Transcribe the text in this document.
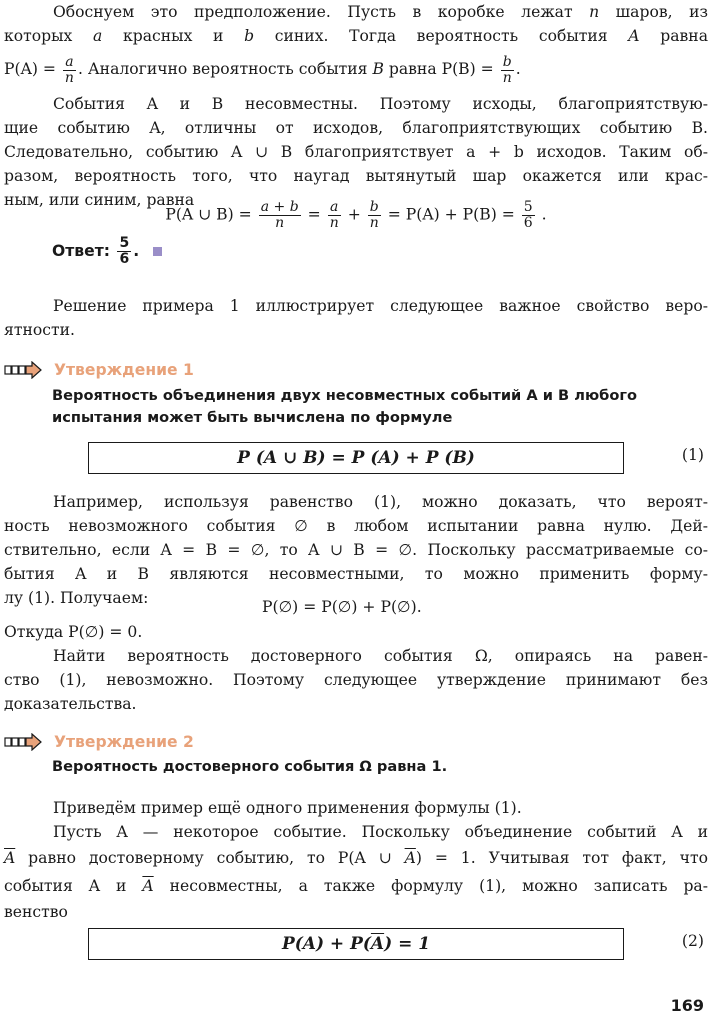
Обоснуем это предположение. Пусть в коробке лежат n шаров, из
которых a красных и b синих. Тогда вероятность события A равна
$P(A) = \frac{a}{n}$ . Аналогично вероятность события B равна $P(B) = \frac{b}{n}$ .
События A и B несовместны. Поэтому исходы, благоприятствую-
щие событию A, отличны от исходов, благоприятствующих событию B.
Следовательно, событию A ∪ B благоприятствует a + b исходов. Таким об-
разом, вероятность того, что наугад вытянутый шар окажется или крас-
ным, или синим, равна
P(A ∪ $B) = \frac{a + b}{n} = \frac{a}{n} + \frac{b}{n} = P(A) + P(B) = \frac{5}{6}$ .
Ответ: $\frac{5}{6}$ .
Решение примера 1 иллюстрирует следующее важное свойство веро-
ятности.
Утверждение 1
Вероятность объединения двух несовместных событий A и B любого
испытания может быть вычислена по формуле
P (A ∪ B) = P (A) + P (B)	(1)
Например, используя равенство (1), можно доказать, что вероят-
ность невозможного события ∅ в любом испытании равна нулю. Дей-
ствительно, если A = B = ∅, то A ∪ B = ∅. Поскольку рассматриваемые со-
бытия A и B являются несовместными, то можно применить форму-
лу (1). Получаем:	P(∅) = P(∅) + P(∅).
Откуда P(∅) = 0.
Найти вероятность достоверного события Ω, опираясь на равен-
ство (1), невозможно. Поэтому следующее утверждение принимают без
доказательства.
Утверждение 2
Вероятность достоверного события Ω равна 1.
Приведём пример ещё одного применения формулы (1).
Пусть A — некоторое событие. Поскольку объединение событий A и
$\overline{A}$ равно достоверному событию, то P(A ∪ $\overline{A}) = 1$. Учитывая тот факт, что
события A и $\overline{A}$ несовместны, а также формулу (1), можно записать ра-
венство
P(A) + P( $\overline{A}$ ) = 1	(2)
169
